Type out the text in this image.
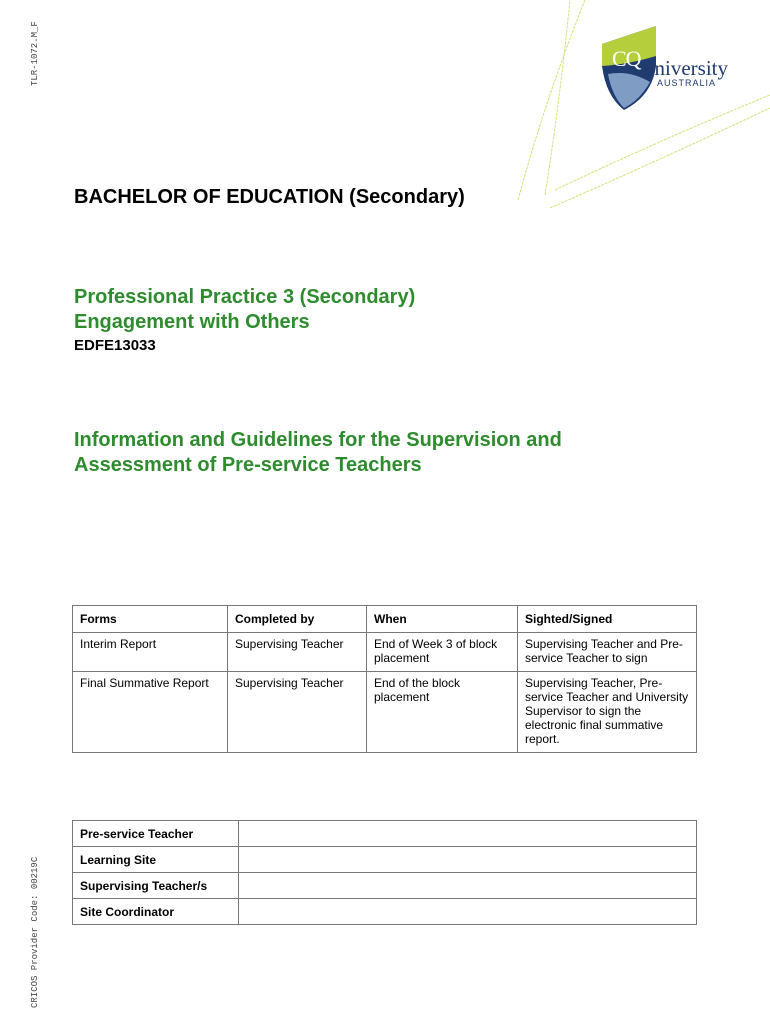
TLR-1072.M_F
CRICOS Provider Code: 00219C
CQ university
AUSTRALIA
BACHELOR OF EDUCATION (Secondary)
Professional Practice 3 (Secondary)
Engagement with Others
EDFE13033
Information and Guidelines for the Supervision and
Assessment of Pre-service Teachers
Forms	Completed by	When	Sighted/Signed
Interim Report	Supervising Teacher	End of Week 3 of block placement	Supervising Teacher and Pre-service Teacher to sign
Final Summative Report	Supervising Teacher	End of the block placement	Supervising Teacher, Pre-service Teacher and University Supervisor to sign the electronic final summative report.
Pre-service Teacher	
Learning Site	
Supervising Teacher/s	
Site Coordinator	
